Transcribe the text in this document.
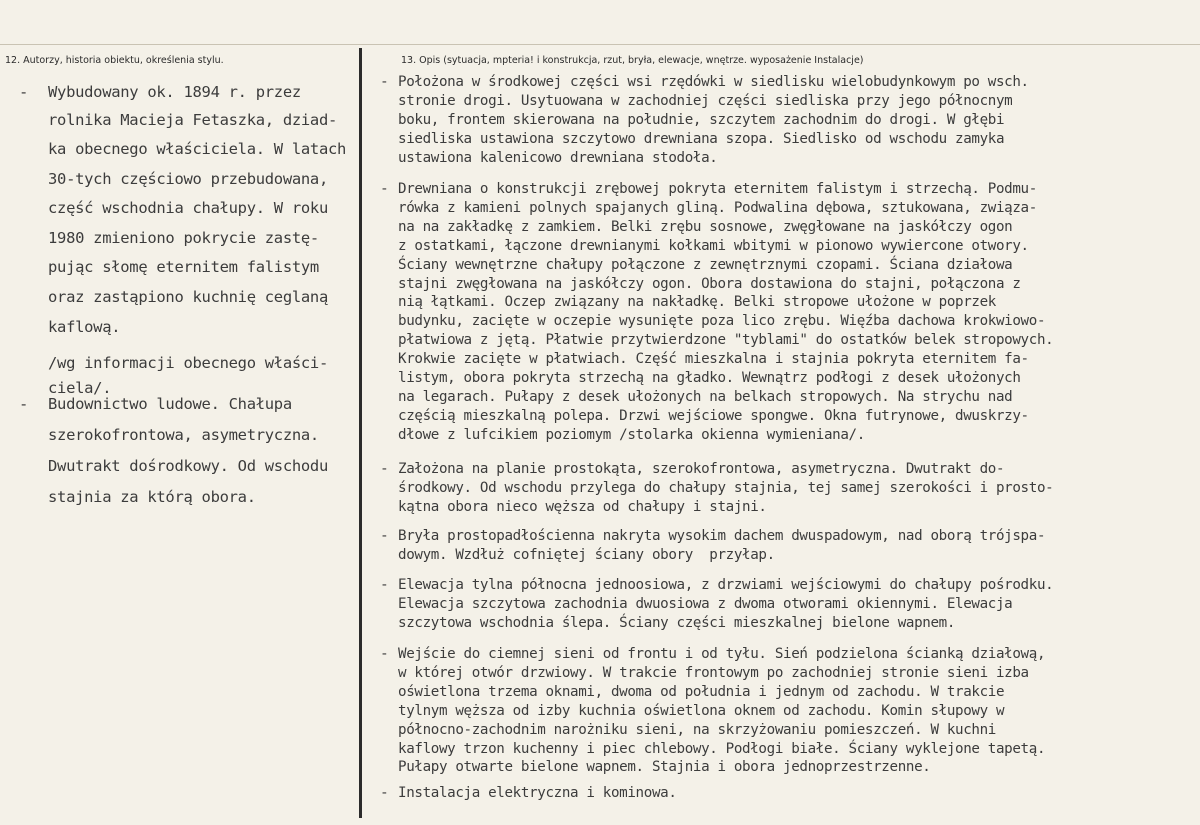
12. Autorzy, historia obiektu, określenia stylu.	13. Opis (sytuacja, mpteria! i konstrukcja, rzut, bryła, elewacje, wnętrze. wyposażenie Instalacje)
- Wybudowany ok. 1894 r. przez
rolnika Macieja Fetaszka, dziad-
ka obecnego właściciela. W latach
30-tych częściowo przebudowana,
część wschodnia chałupy. W roku
1980 zmieniono pokrycie zastę-
pując słomę eternitem falistym
oraz zastąpiono kuchnię ceglaną
kaflową.
/wg informacji obecnego właści-
ciela/.
- Budownictwo ludowe. Chałupa
szerokofrontowa, asymetryczna.
Dwutrakt dośrodkowy. Od wschodu
stajnia za którą obora.
- Położona w środkowej części wsi rzędówki w siedlisku wielobudynkowym po wsch.
stronie drogi. Usytuowana w zachodniej części siedliska przy jego północnym
boku, frontem skierowana na południe, szczytem zachodnim do drogi. W głębi
siedliska ustawiona szczytowo drewniana szopa. Siedlisko od wschodu zamyka
ustawiona kalenicowo drewniana stodoła.
- Drewniana o konstrukcji zrębowej pokryta eternitem falistym i strzechą. Podmu-
rówka z kamieni polnych spajanych gliną. Podwalina dębowa, sztukowana, związa-
na na zakładkę z zamkiem. Belki zrębu sosnowe, zwęgłowane na jaskółczy ogon
z ostatkami, łączone drewnianymi kołkami wbitymi w pionowo wywiercone otwory.
Ściany wewnętrzne chałupy połączone z zewnętrznymi czopami. Ściana działowa
stajni zwęgłowana na jaskółczy ogon. Obora dostawiona do stajni, połączona z
nią łątkami. Oczep związany na nakładkę. Belki stropowe ułożone w poprzek
budynku, zacięte w oczepie wysunięte poza lico zrębu. Więźba dachowa krokwiowo-
płatwiowa z jętą. Płatwie przytwierdzone "tyblami" do ostatków belek stropowych.
Krokwie zacięte w płatwiach. Część mieszkalna i stajnia pokryta eternitem fa-
listym, obora pokryta strzechą na gładko. Wewnątrz podłogi z desek ułożonych
na legarach. Pułapy z desek ułożonych na belkach stropowych. Na strychu nad
częścią mieszkalną polepa. Drzwi wejściowe spongwe. Okna futrynowe, dwuskrzy-
dłowe z lufcikiem poziomym /stolarka okienna wymieniana/.
- Założona na planie prostokąta, szerokofrontowa, asymetryczna. Dwutrakt do-
środkowy. Od wschodu przylega do chałupy stajnia, tej samej szerokości i prosto-
kątna obora nieco węższa od chałupy i stajni.
- Bryła prostopadłościenna nakryta wysokim dachem dwuspadowym, nad oborą trójspa-
dowym. Wzdłuż cofniętej ściany obory  przyłap.
- Elewacja tylna północna jednoosiowa, z drzwiami wejściowymi do chałupy pośrodku.
Elewacja szczytowa zachodnia dwuosiowa z dwoma otworami okiennymi. Elewacja
szczytowa wschodnia ślepa. Ściany części mieszkalnej bielone wapnem.
- Wejście do ciemnej sieni od frontu i od tyłu. Sień podzielona ścianką działową,
w której otwór drzwiowy. W trakcie frontowym po zachodniej stronie sieni izba
oświetlona trzema oknami, dwoma od południa i jednym od zachodu. W trakcie
tylnym węższa od izby kuchnia oświetlona oknem od zachodu. Komin słupowy w
północno-zachodnim narożniku sieni, na skrzyżowaniu pomieszczeń. W kuchni
kaflowy trzon kuchenny i piec chlebowy. Podłogi białe. Ściany wyklejone tapetą.
Pułapy otwarte bielone wapnem. Stajnia i obora jednoprzestrzenne.
- Instalacja elektryczna i kominowa.
